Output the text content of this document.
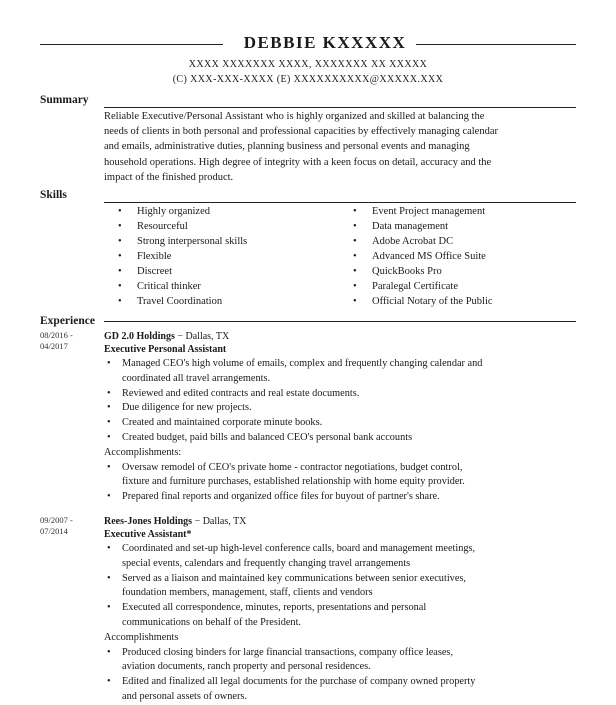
DEBBIE KXXXXX
XXXX XXXXXXX XXXX, XXXXXXX XX XXXXX
(C) XXX-XXX-XXXX (E) XXXXXXXXXX@XXXXX.XXX
Summary
Reliable Executive/Personal Assistant who is highly organized and skilled at balancing the
needs of clients in both personal and professional capacities by effectively managing calendar
and emails, administrative duties, planning business and personal events and managing
household operations. High degree of integrity with a keen focus on detail, accuracy and the
impact of the finished product.
Skills
• Highly organized
• Resourceful
• Strong interpersonal skills
• Flexible
• Discreet
• Critical thinker
• Travel Coordination
• Event Project management
• Data management
• Adobe Acrobat DC
• Advanced MS Office Suite
• QuickBooks Pro
• Paralegal Certificate
• Official Notary of the Public
Experience
08/2016 -
04/2017
GD 2.0 Holdings − Dallas, TX
Executive Personal Assistant
• Managed CEO's high volume of emails, complex and frequently changing calendar and
coordinated all travel arrangements.
• Reviewed and edited contracts and real estate documents.
• Due diligence for new projects.
• Created and maintained corporate minute books.
• Created budget, paid bills and balanced CEO's personal bank accounts
Accomplishments:
• Oversaw remodel of CEO's private home - contractor negotiations, budget control,
fixture and furniture purchases, established relationship with home equity provider.
• Prepared final reports and organized office files for buyout of partner's share.
09/2007 -
07/2014
Rees-Jones Holdings − Dallas, TX
Executive Assistant*
• Coordinated and set-up high-level conference calls, board and management meetings,
special events, calendars and frequently changing travel arrangements
• Served as a liaison and maintained key communications between senior executives,
foundation members, management, staff, clients and vendors
• Executed all correspondence, minutes, reports, presentations and personal
communications on behalf of the President.
Accomplishments
• Produced closing binders for large financial transactions, company office leases,
aviation documents, ranch property and personal residences.
• Edited and finalized all legal documents for the purchase of company owned property
and personal assets of owners.
